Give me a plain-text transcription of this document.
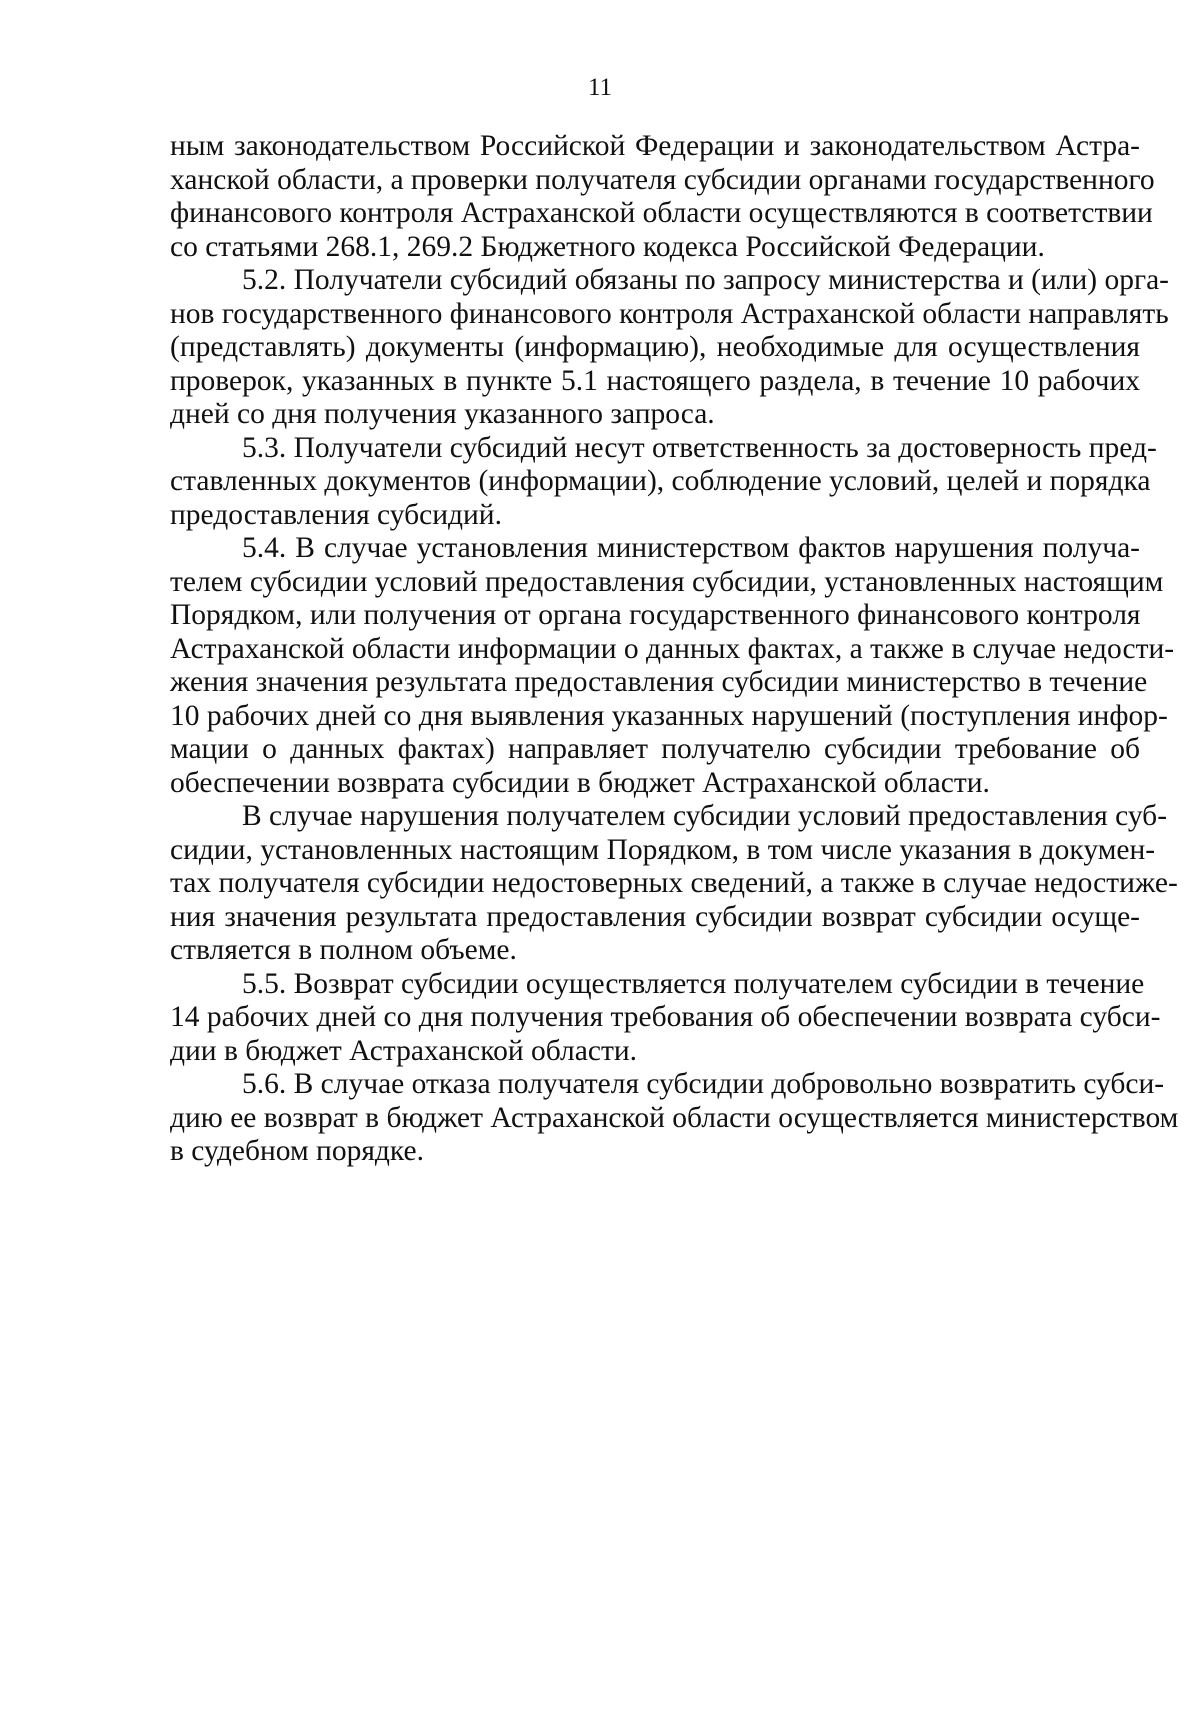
11
ным законодательством Российской Федерации и законодательством Астра-
ханской области, а проверки получателя субсидии органами государственного
финансового контроля Астраханской области осуществляются в соответствии
со статьями 268.1, 269.2 Бюджетного кодекса Российской Федерации.
5.2. Получатели субсидий обязаны по запросу министерства и (или) орга-
нов государственного финансового контроля Астраханской области направлять
(представлять) документы (информацию), необходимые для осуществления
проверок, указанных в пункте 5.1 настоящего раздела, в течение 10 рабочих
дней со дня получения указанного запроса.
5.3. Получатели субсидий несут ответственность за достоверность пред-
ставленных документов (информации), соблюдение условий, целей и порядка
предоставления субсидий.
5.4. В случае установления министерством фактов нарушения получа-
телем субсидии условий предоставления субсидии, установленных настоящим
Порядком, или получения от органа государственного финансового контроля
Астраханской области информации о данных фактах, а также в случае недости-
жения значения результата предоставления субсидии министерство в течение
10 рабочих дней со дня выявления указанных нарушений (поступления инфор-
мации о данных фактах) направляет получателю субсидии требование об
обеспечении возврата субсидии в бюджет Астраханской области.
В случае нарушения получателем субсидии условий предоставления суб-
сидии, установленных настоящим Порядком, в том числе указания в докумен-
тах получателя субсидии недостоверных сведений, а также в случае недостиже-
ния значения результата предоставления субсидии возврат субсидии осуще-
ствляется в полном объеме.
5.5. Возврат субсидии осуществляется получателем субсидии в течение
14 рабочих дней со дня получения требования об обеспечении возврата субси-
дии в бюджет Астраханской области.
5.6. В случае отказа получателя субсидии добровольно возвратить субси-
дию ее возврат в бюджет Астраханской области осуществляется министерством
в судебном порядке.
